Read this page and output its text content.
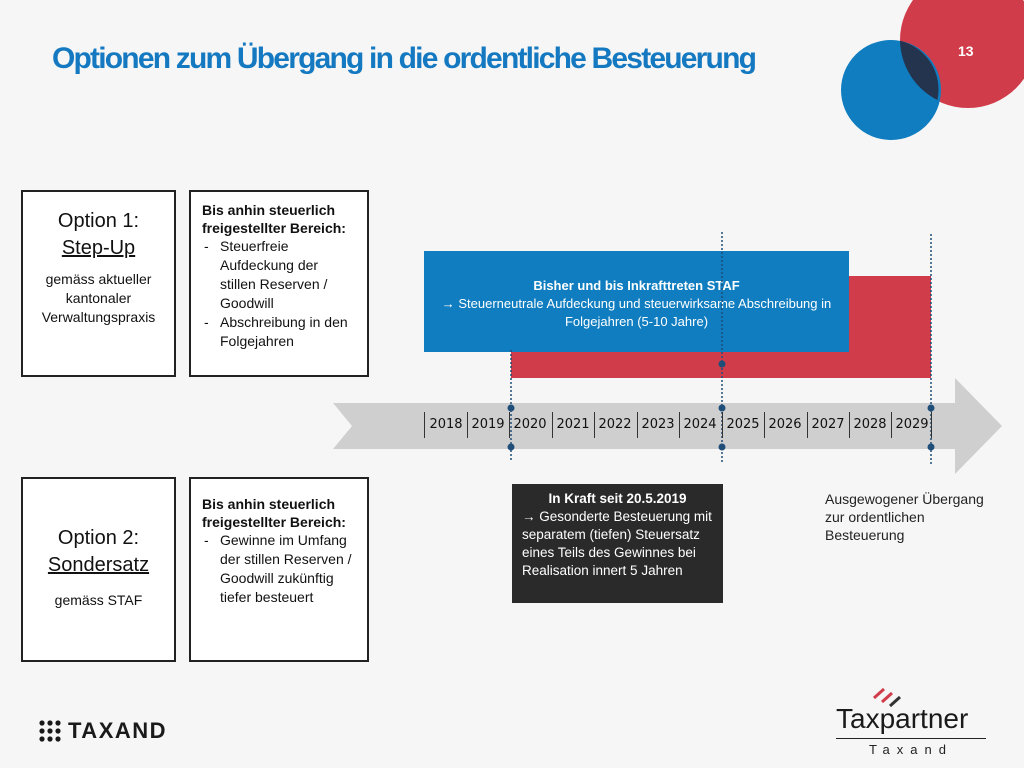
13
Optionen zum Übergang in die ordentliche Besteuerung
Option 1:
Step-Up
gemäss aktueller kantonaler Verwaltungspraxis
Bis anhin steuerlich freigestellter Bereich:
- Steuerfreie Aufdeckung der stillen Reserven / Goodwill
- Abschreibung in den Folgejahren
Option 2:
Sondersatz
gemäss STAF
Bis anhin steuerlich freigestellter Bereich:
- Gewinne im Umfang der stillen Reserven / Goodwill zukünftig tiefer besteuert
Bisher und bis Inkrafttreten STAF
→ Steuerneutrale Aufdeckung und steuerwirksame Abschreibung in Folgejahren (5-10 Jahre)
2018 2019 2020 2021 2022 2023 2024 2025 2026 2027 2028 2029
In Kraft seit 20.5.2019
→ Gesonderte Besteuerung mit separatem (tiefen) Steuersatz eines Teils des Gewinnes bei Realisation innert 5 Jahren
Ausgewogener Übergang zur ordentlichen Besteuerung
TAXAND	Taxpartner
Taxand
